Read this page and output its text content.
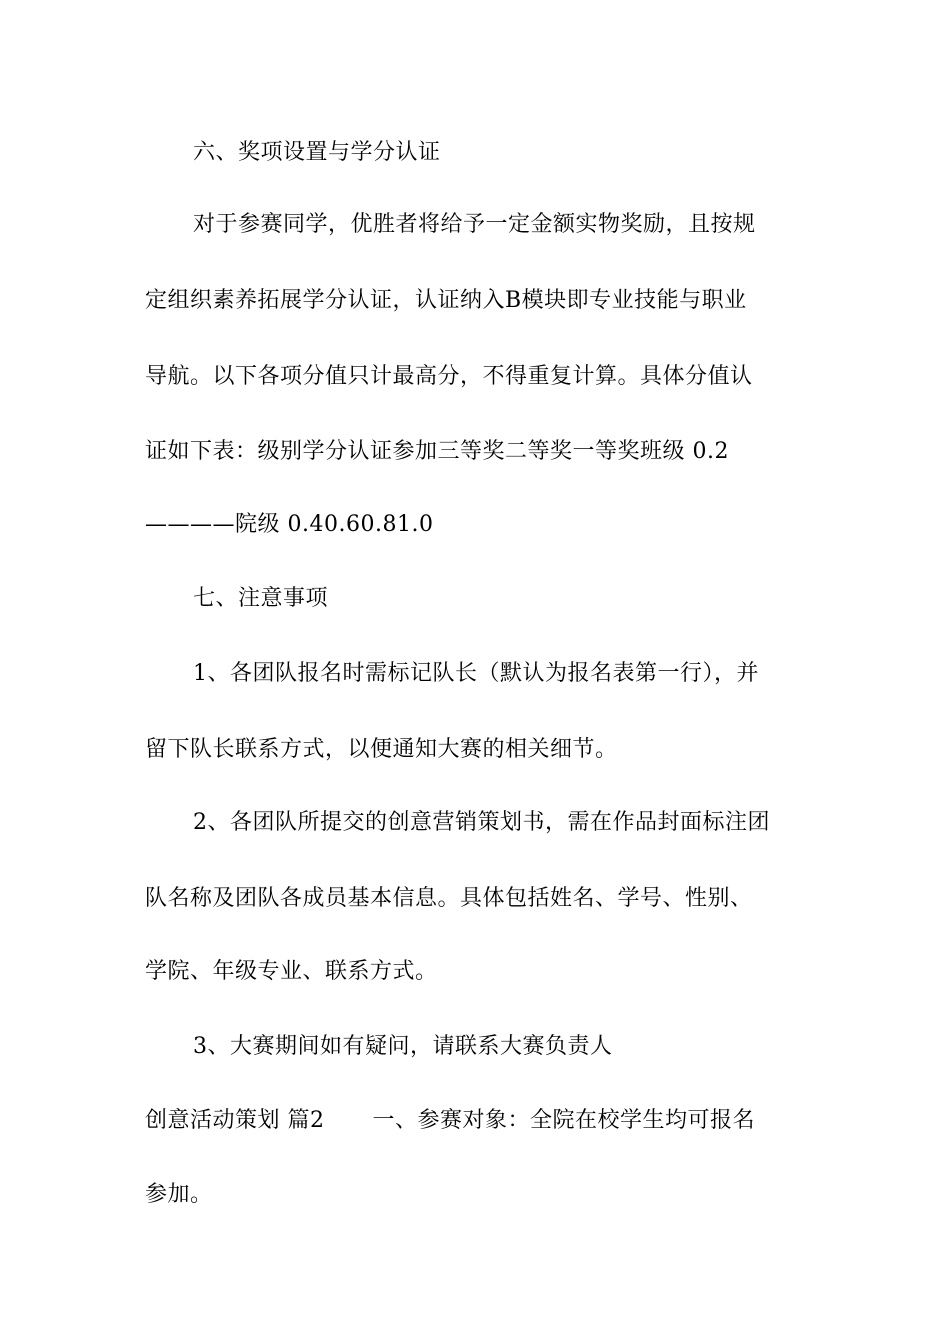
六、奖项设置与学分认证
对于参赛同学，优胜者将给予一定金额实物奖励，且按规
定组织素养拓展学分认证，认证纳入B模块即专业技能与职业
导航。以下各项分值只计最高分，不得重复计算。具体分值认
证如下表：级别学分认证参加三等奖二等奖一等奖班级 0.2
————院级 0.40.60.81.0
七、注意事项
1、各团队报名时需标记队长（默认为报名表第一行），并
留下队长联系方式，以便通知大赛的相关细节。
2、各团队所提交的创意营销策划书，需在作品封面标注团
队名称及团队各成员基本信息。具体包括姓名、学号、性别、
学院、年级专业、联系方式。
3、大赛期间如有疑问，请联系大赛负责人
创意活动策划 篇2 一、参赛对象：全院在校学生均可报名
参加。
